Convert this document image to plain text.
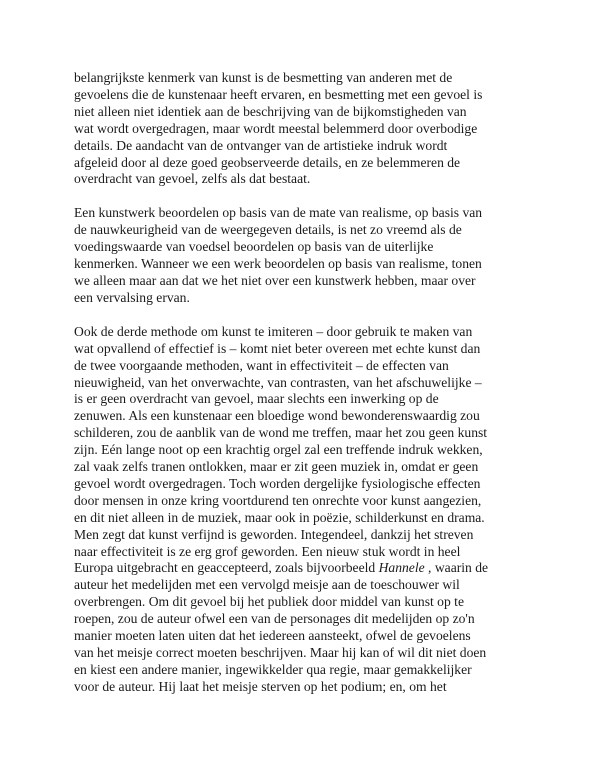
belangrijkste kenmerk van kunst is de besmetting van anderen met de
gevoelens die de kunstenaar heeft ervaren, en besmetting met een gevoel is
niet alleen niet identiek aan de beschrijving van de bijkomstigheden van
wat wordt overgedragen, maar wordt meestal belemmerd door overbodige
details. De aandacht van de ontvanger van de artistieke indruk wordt
afgeleid door al deze goed geobserveerde details, en ze belemmeren de
overdracht van gevoel, zelfs als dat bestaat.

Een kunstwerk beoordelen op basis van de mate van realisme, op basis van
de nauwkeurigheid van de weergegeven details, is net zo vreemd als de
voedingswaarde van voedsel beoordelen op basis van de uiterlijke
kenmerken. Wanneer we een werk beoordelen op basis van realisme, tonen
we alleen maar aan dat we het niet over een kunstwerk hebben, maar over
een vervalsing ervan.

Ook de derde methode om kunst te imiteren – door gebruik te maken van
wat opvallend of effectief is – komt niet beter overeen met echte kunst dan
de twee voorgaande methoden, want in effectiviteit – de effecten van
nieuwigheid, van het onverwachte, van contrasten, van het afschuwelijke –
is er geen overdracht van gevoel, maar slechts een inwerking op de
zenuwen. Als een kunstenaar een bloedige wond bewonderenswaardig zou
schilderen, zou de aanblik van de wond me treffen, maar het zou geen kunst
zijn. Eén lange noot op een krachtig orgel zal een treffende indruk wekken,
zal vaak zelfs tranen ontlokken, maar er zit geen muziek in, omdat er geen
gevoel wordt overgedragen. Toch worden dergelijke fysiologische effecten
door mensen in onze kring voortdurend ten onrechte voor kunst aangezien,
en dit niet alleen in de muziek, maar ook in poëzie, schilderkunst en drama.
Men zegt dat kunst verfijnd is geworden. Integendeel, dankzij het streven
naar effectiviteit is ze erg grof geworden. Een nieuw stuk wordt in heel
Europa uitgebracht en geaccepteerd, zoals bijvoorbeeld Hannele , waarin de
auteur het medelijden met een vervolgd meisje aan de toeschouwer wil
overbrengen. Om dit gevoel bij het publiek door middel van kunst op te
roepen, zou de auteur ofwel een van de personages dit medelijden op zo'n
manier moeten laten uiten dat het iedereen aansteekt, ofwel de gevoelens
van het meisje correct moeten beschrijven. Maar hij kan of wil dit niet doen
en kiest een andere manier, ingewikkelder qua regie, maar gemakkelijker
voor de auteur. Hij laat het meisje sterven op het podium; en, om het
